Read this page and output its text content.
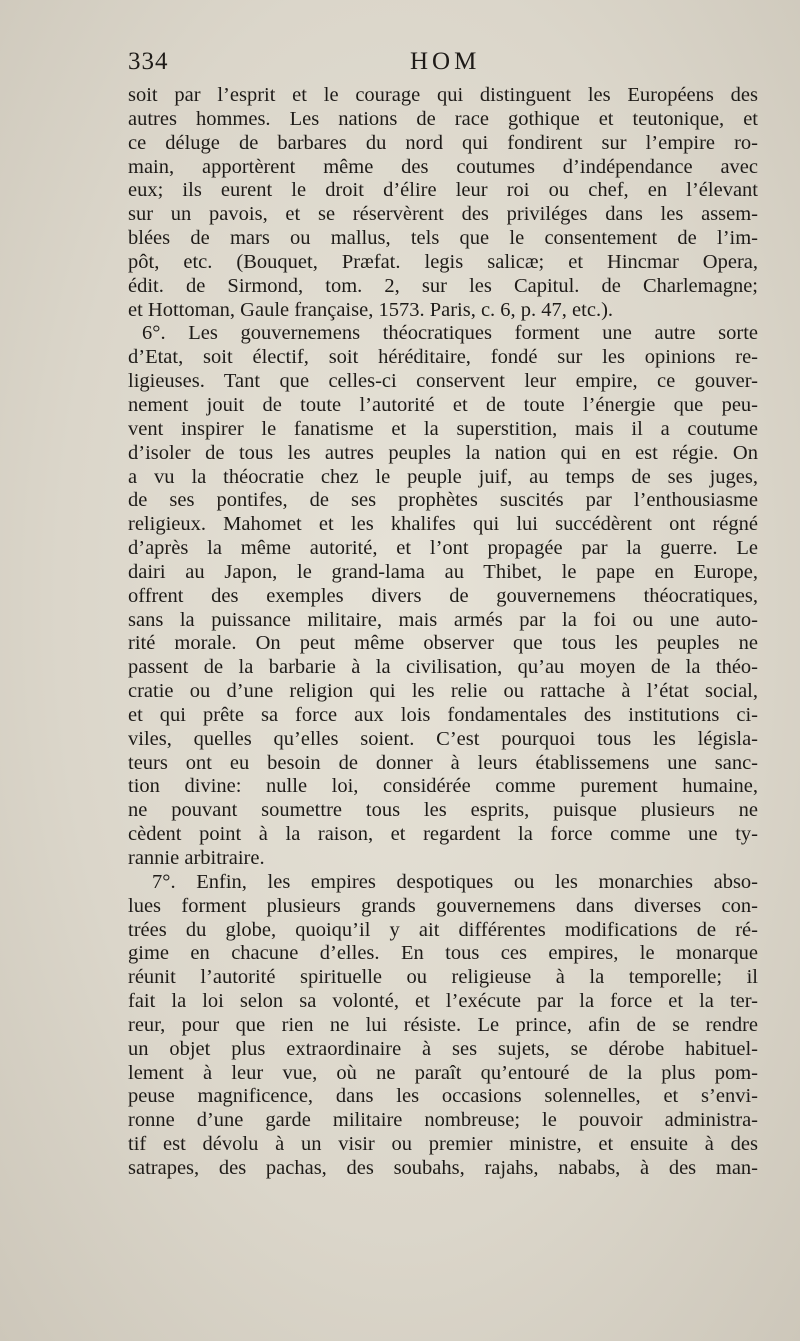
334	HOM
soit par l’esprit et le courage qui distinguent les Européens des
autres hommes. Les nations de race gothique et teutonique, et
ce déluge de barbares du nord qui fondirent sur l’empire ro-
main, apportèrent même des coutumes d’indépendance avec
eux; ils eurent le droit d’élire leur roi ou chef, en l’élevant
sur un pavois, et se réservèrent des priviléges dans les assem-
blées de mars ou mallus, tels que le consentement de l’im-
pôt, etc. (Bouquet, Præfat. legis salicæ; et Hincmar Opera,
édit. de Sirmond, tom. 2, sur les Capitul. de Charlemagne;
et Hottoman, Gaule française, 1573. Paris, c. 6, p. 47, etc.).
6°. Les gouvernemens théocratiques forment une autre sorte
d’Etat, soit électif, soit héréditaire, fondé sur les opinions re-
ligieuses. Tant que celles-ci conservent leur empire, ce gouver-
nement jouit de toute l’autorité et de toute l’énergie que peu-
vent inspirer le fanatisme et la superstition, mais il a coutume
d’isoler de tous les autres peuples la nation qui en est régie. On
a vu la théocratie chez le peuple juif, au temps de ses juges,
de ses pontifes, de ses prophètes suscités par l’enthousiasme
religieux. Mahomet et les khalifes qui lui succédèrent ont régné
d’après la même autorité, et l’ont propagée par la guerre. Le
dairi au Japon, le grand-lama au Thibet, le pape en Europe,
offrent des exemples divers de gouvernemens théocratiques,
sans la puissance militaire, mais armés par la foi ou une auto-
rité morale. On peut même observer que tous les peuples ne
passent de la barbarie à la civilisation, qu’au moyen de la théo-
cratie ou d’une religion qui les relie ou rattache à l’état social,
et qui prête sa force aux lois fondamentales des institutions ci-
viles, quelles qu’elles soient. C’est pourquoi tous les législa-
teurs ont eu besoin de donner à leurs établissemens une sanc-
tion divine: nulle loi, considérée comme purement humaine,
ne pouvant soumettre tous les esprits, puisque plusieurs ne
cèdent point à la raison, et regardent la force comme une ty-
rannie arbitraire.
7°. Enfin, les empires despotiques ou les monarchies abso-
lues forment plusieurs grands gouvernemens dans diverses con-
trées du globe, quoiqu’il y ait différentes modifications de ré-
gime en chacune d’elles. En tous ces empires, le monarque
réunit l’autorité spirituelle ou religieuse à la temporelle; il
fait la loi selon sa volonté, et l’exécute par la force et la ter-
reur, pour que rien ne lui résiste. Le prince, afin de se rendre
un objet plus extraordinaire à ses sujets, se dérobe habituel-
lement à leur vue, où ne paraît qu’entouré de la plus pom-
peuse magnificence, dans les occasions solennelles, et s’envi-
ronne d’une garde militaire nombreuse; le pouvoir administra-
tif est dévolu à un visir ou premier ministre, et ensuite à des
satrapes, des pachas, des soubahs, rajahs, nababs, à des man-
